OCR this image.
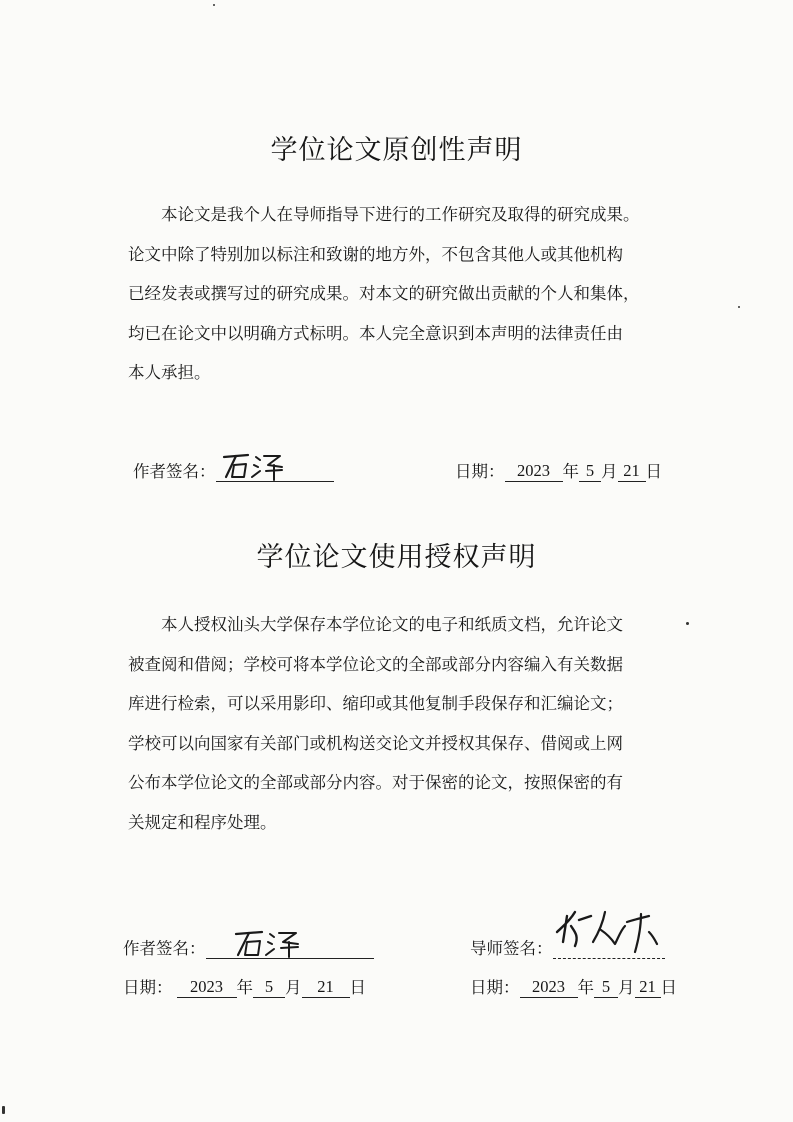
学位论文原创性声明
本论文是我个人在导师指导下进行的工作研究及取得的研究成果。
论文中除了特别加以标注和致谢的地方外，不包含其他人或其他机构
已经发表或撰写过的研究成果。对本文的研究做出贡献的个人和集体，
均已在论文中以明确方式标明。本人完全意识到本声明的法律责任由
本人承担。
作者签名：	日期： 2023 年 5 月 21 日
学位论文使用授权声明
本人授权汕头大学保存本学位论文的电子和纸质文档，允许论文
被查阅和借阅；学校可将本学位论文的全部或部分内容编入有关数据
库进行检索，可以采用影印、缩印或其他复制手段保存和汇编论文；
学校可以向国家有关部门或机构送交论文并授权其保存、借阅或上网
公布本学位论文的全部或部分内容。对于保密的论文，按照保密的有
关规定和程序处理。
作者签名：	导师签名：
日期：	2023 年 5 月 21 日	日期： 2023 年 5 月 21 日
